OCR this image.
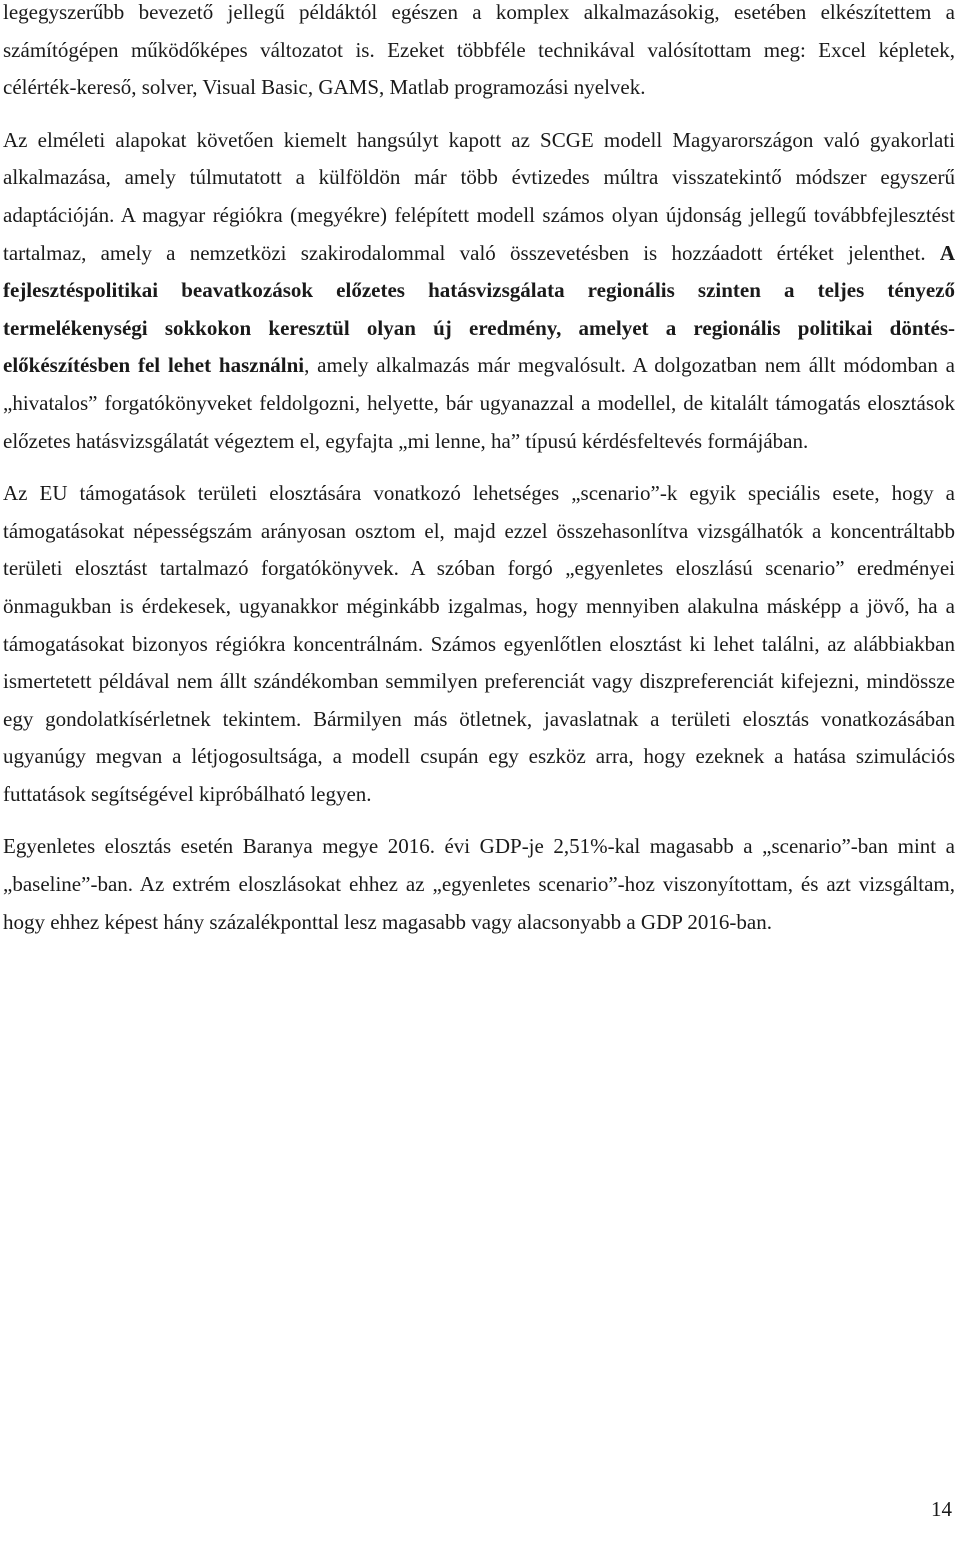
legegyszerűbb bevezető jellegű példáktól egészen a komplex alkalmazásokig, esetében elkészítettem a számítógépen működőképes változatot is. Ezeket többféle technikával valósítottam meg: Excel képletek, célérték-kereső, solver, Visual Basic, GAMS, Matlab programozási nyelvek.

Az elméleti alapokat követően kiemelt hangsúlyt kapott az SCGE modell Magyarországon való gyakorlati alkalmazása, amely túlmutatott a külföldön már több évtizedes múltra visszatekintő módszer egyszerű adaptációján. A magyar régiókra (megyékre) felépített modell számos olyan újdonság jellegű továbbfejlesztést tartalmaz, amely a nemzetközi szakirodalommal való összevetésben is hozzáadott értéket jelenthet. A fejlesztéspolitikai beavatkozások előzetes hatásvizsgálata regionális szinten a teljes tényező termelékenységi sokkokon keresztül olyan új eredmény, amelyet a regionális politikai döntés-előkészítésben fel lehet használni, amely alkalmazás már megvalósult. A dolgozatban nem állt módomban a „hivatalos” forgatókönyveket feldolgozni, helyette, bár ugyanazzal a modellel, de kitalált támogatás elosztások előzetes hatásvizsgálatát végeztem el, egyfajta „mi lenne, ha” típusú kérdésfeltevés formájában.

Az EU támogatások területi elosztására vonatkozó lehetséges „scenario”-k egyik speciális esete, hogy a támogatásokat népességszám arányosan osztom el, majd ezzel összehasonlítva vizsgálhatók a koncentráltabb területi elosztást tartalmazó forgatókönyvek. A szóban forgó „egyenletes eloszlású scenario” eredményei önmagukban is érdekesek, ugyanakkor méginkább izgalmas, hogy mennyiben alakulna másképp a jövő, ha a támogatásokat bizonyos régiókra koncentrálnám. Számos egyenlőtlen elosztást ki lehet találni, az alábbiakban ismertetett példával nem állt szándékomban semmilyen preferenciát vagy diszpreferenciát kifejezni, mindössze egy gondolatkísérletnek tekintem. Bármilyen más ötletnek, javaslatnak a területi elosztás vonatkozásában ugyanúgy megvan a létjogosultsága, a modell csupán egy eszköz arra, hogy ezeknek a hatása szimulációs futtatások segítségével kipróbálható legyen.

Egyenletes elosztás esetén Baranya megye 2016. évi GDP-je 2,51%-kal magasabb a „scenario”-ban mint a „baseline”-ban. Az extrém eloszlásokat ehhez az „egyenletes scenario”-hoz viszonyítottam, és azt vizsgáltam, hogy ehhez képest hány százalékponttal lesz magasabb vagy alacsonyabb a GDP 2016-ban.

14
